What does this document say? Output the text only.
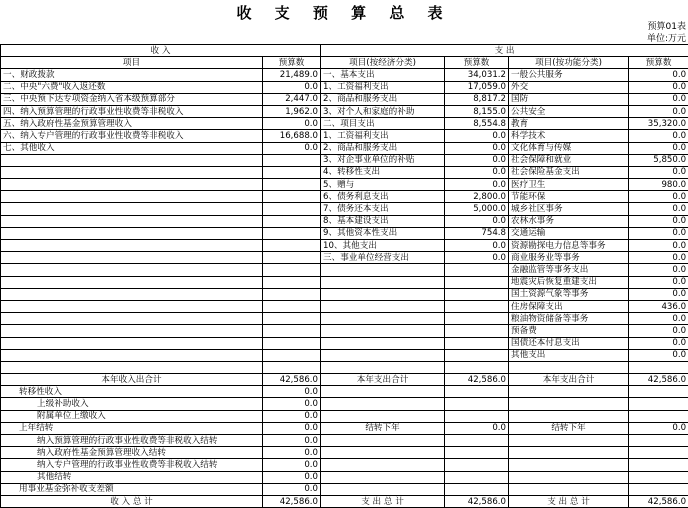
收 支 预 算 总 表
预算01表
单位:万元
收 入		支 出			
项目	预算数	项目(按经济分类)	预算数	项目(按功能分类)	预算数
一、财政拨款	21,489.0	一、基本支出	34,031.2	一般公共服务	0.0
二、中央"六费"收入返还数	0.0	1、工资福利支出	17,059.0	外交	0.0
三、中央预下达专项资金纳入省本级预算部分	2,447.0	2、商品和服务支出	8,817.2	国防	0.0
四、纳入预算管理的行政事业性收费等非税收入	1,962.0	3、对个人和家庭的补助	8,155.0	公共安全	0.0
五、纳入政府性基金预算管理收入	0.0	二、项目支出	8,554.8	教育	35,320.0
六、纳入专户管理的行政事业性收费等非税收入	16,688.0	1、工资福利支出	0.0	科学技术	0.0
七、其他收入	0.0	2、商品和服务支出	0.0	文化体育与传媒	0.0
		3、对企事业单位的补贴	0.0	社会保障和就业	5,850.0
		4、转移性支出	0.0	社会保险基金支出	0.0
		5、赠与	0.0	医疗卫生	980.0
		6、债务利息支出	2,800.0	节能环保	0.0
		7、债务还本支出	5,000.0	城乡社区事务	0.0
		8、基本建设支出	0.0	农林水事务	0.0
		9、其他资本性支出	754.8	交通运输	0.0
		10、其他支出	0.0	资源勘探电力信息等事务	0.0
		三、事业单位经营支出	0.0	商业服务业等事务	0.0
				金融监管等事务支出	0.0
				地震灾后恢复重建支出	0.0
				国土资源气象等事务	0.0
				住房保障支出	436.0
				粮油物资储备等事务	0.0
				预备费	0.0
				国债还本付息支出	0.0
				其他支出	0.0

本年收入出合计	42,586.0	本年支出合计	42,586.0	本年支出合计	42,586.0
转移性收入	0.0				
上级补助收入	0.0				
附属单位上缴收入	0.0				
上年结转	0.0	结转下年	0.0	结转下年	0.0
纳入预算管理的行政事业性收费等非税收入结转	0.0				
纳入政府性基金预算管理收入结转	0.0				
纳入专户管理的行政事业性收费等非税收入结转	0.0				
其他结转	0.0				
用事业基金弥补收支差额	0.0				
收 入 总 计	42,586.0	支 出 总 计	42,586.0	支 出 总 计	42,586.0
